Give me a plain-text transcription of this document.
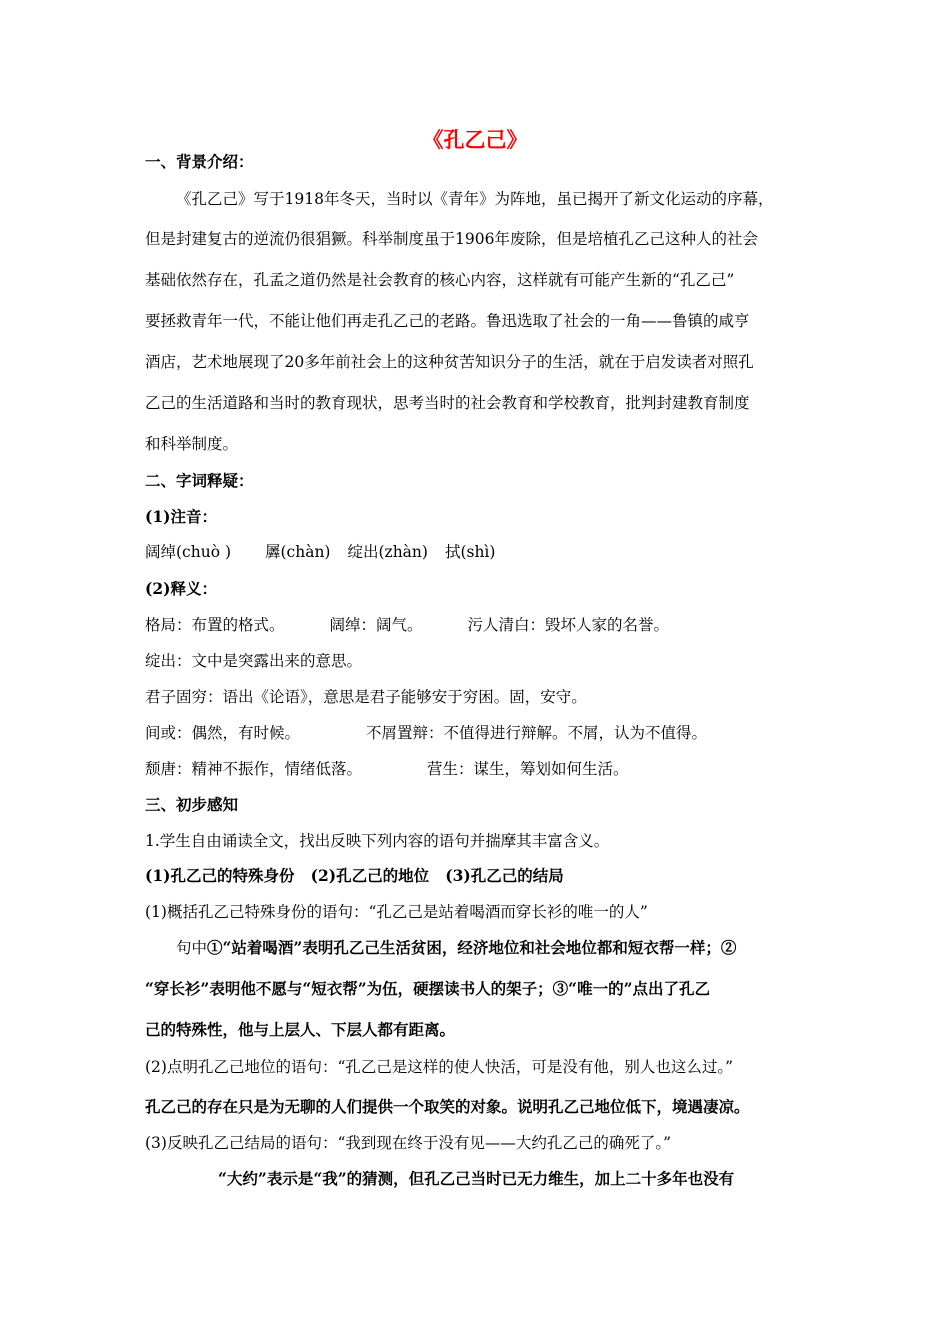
《孔乙己》
一、背景介绍：
《孔乙己》写于1918年冬天，当时以《青年》为阵地，虽已揭开了新文化运动的序幕，
但是封建复古的逆流仍很猖獗。科举制度虽于1906年废除，但是培植孔乙己这种人的社会
基础依然存在，孔孟之道仍然是社会教育的核心内容，这样就有可能产生新的“孔乙己”
要拯救青年一代，不能让他们再走孔乙己的老路。鲁迅选取了社会的一角——鲁镇的咸亨
酒店，艺术地展现了20多年前社会上的这种贫苦知识分子的生活，就在于启发读者对照孔
乙己的生活道路和当时的教育现状，思考当时的社会教育和学校教育，批判封建教育制度
和科举制度。
二、字词释疑：
(1)注音：
阔绰(chuò ) 羼(chàn) 绽出(zhàn) 拭(shì)
(2)释义：
格局：布置的格式。	阔绰：阔气。	污人清白：毁坏人家的名誉。
绽出：文中是突露出来的意思。
君子固穷：语出《论语》，意思是君子能够安于穷困。固，安守。
间或：偶然，有时候。	不屑置辩：不值得进行辩解。不屑，认为不值得。
颓唐：精神不振作，情绪低落。	营生：谋生，筹划如何生活。
三、初步感知
1.学生自由诵读全文，找出反映下列内容的语句并揣摩其丰富含义。
(1)孔乙己的特殊身份   (2)孔乙己的地位   (3)孔乙己的结局
(1)概括孔乙己特殊身份的语句：“孔乙己是站着喝酒而穿长衫的唯一的人”
句中①“站着喝酒”表明孔乙己生活贫困，经济地位和社会地位都和短衣帮一样；②
“穿长衫”表明他不愿与“短衣帮”为伍，硬摆读书人的架子；③“唯一的”点出了孔乙
己的特殊性，他与上层人、下层人都有距离。
(2)点明孔乙己地位的语句：“孔乙己是这样的使人快活，可是没有他，别人也这么过。”
孔乙己的存在只是为无聊的人们提供一个取笑的对象。说明孔乙己地位低下，境遇凄凉。
(3)反映孔乙己结局的语句：“我到现在终于没有见——大约孔乙己的确死了。”
“大约”表示是“我”的猜测，但孔乙己当时已无力维生，加上二十多年也没有
